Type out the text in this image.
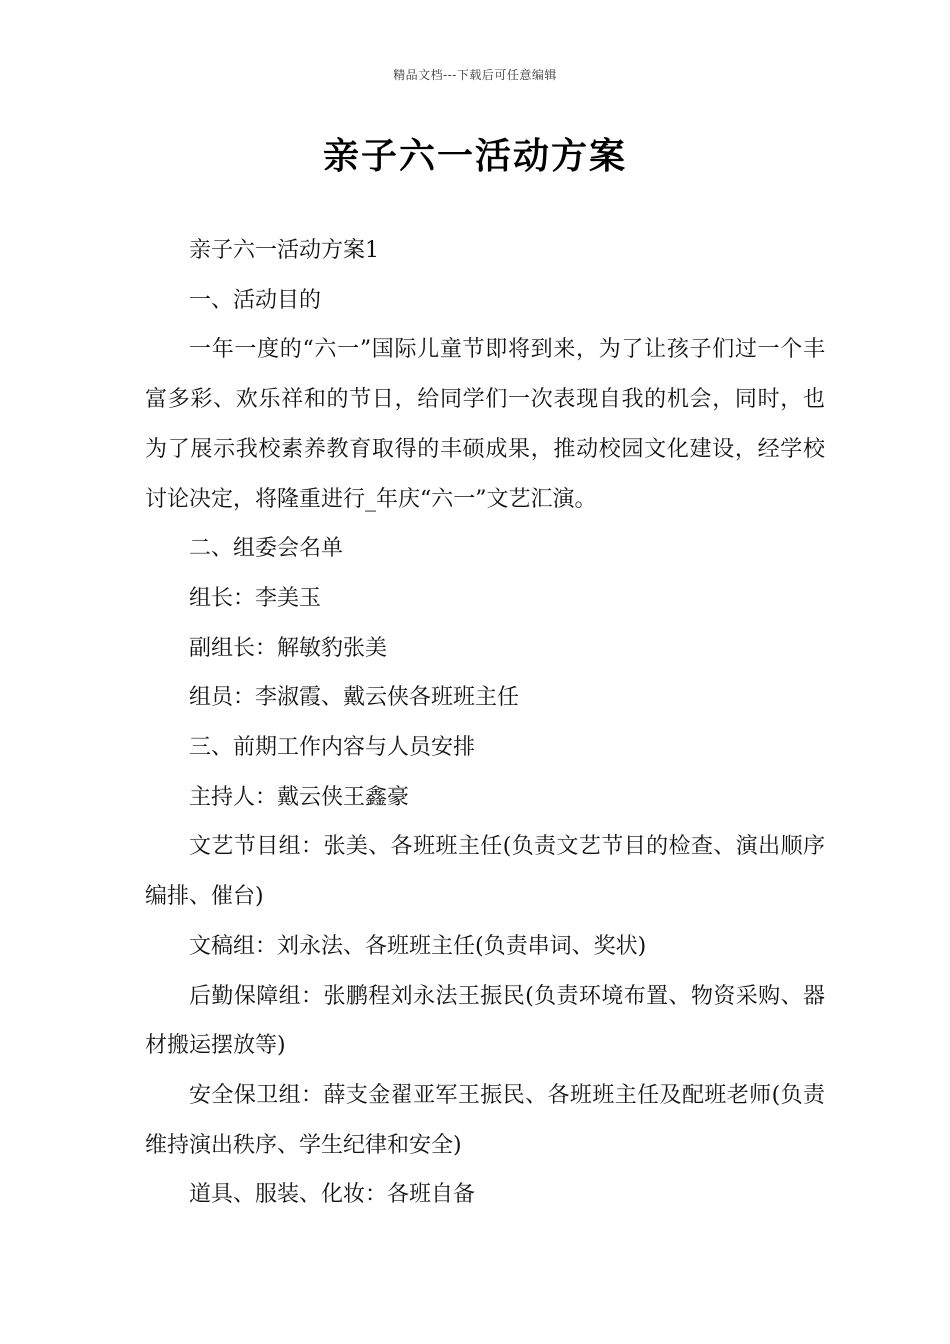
精品文档---下载后可任意编辑
亲子六一活动方案

亲子六一活动方案1

一、活动目的

一年一度的“六一”国际儿童节即将到来，为了让孩子们过一个丰富多彩、欢乐祥和的节日，给同学们一次表现自我的机会，同时，也为了展示我校素养教育取得的丰硕成果，推动校园文化建设，经学校讨论决定，将隆重进行_年庆“六一”文艺汇演。

二、组委会名单

组长：李美玉

副组长：解敏豹张美

组员：李淑霞、戴云侠各班班主任

三、前期工作内容与人员安排

主持人：戴云侠王鑫豪

文艺节目组：张美、各班班主任(负责文艺节目的检查、演出顺序编排、催台)

文稿组：刘永法、各班班主任(负责串词、奖状)

后勤保障组：张鹏程刘永法王振民(负责环境布置、物资采购、器材搬运摆放等)

安全保卫组：薛支金翟亚军王振民、各班班主任及配班老师(负责维持演出秩序、学生纪律和安全)

道具、服装、化妆：各班自备
